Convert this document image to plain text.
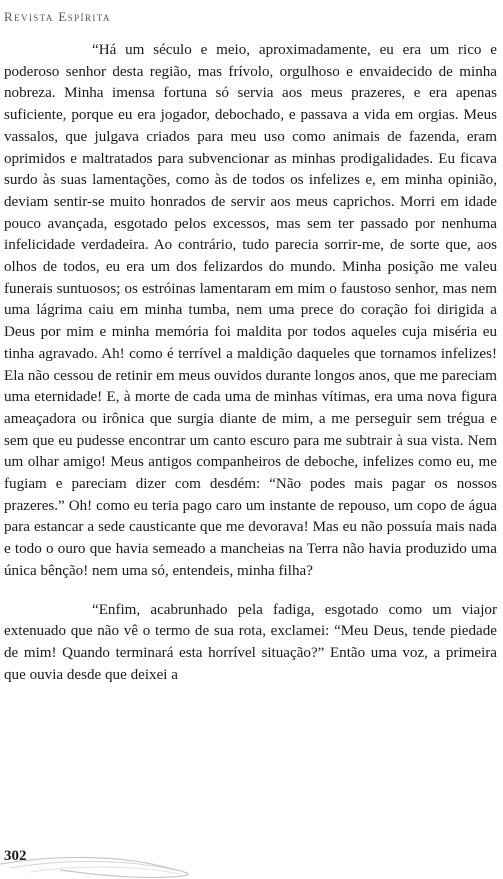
Revista Espírita

“Há um século e meio, aproximadamente, eu era um rico e poderoso senhor desta região, mas frívolo, orgulhoso e envaidecido de minha nobreza. Minha imensa fortuna só servia aos meus prazeres, e era apenas suficiente, porque eu era jogador, debochado, e passava a vida em orgias. Meus vassalos, que julgava criados para meu uso como animais de fazenda, eram oprimidos e maltratados para subvencionar as minhas prodigalidades. Eu ficava surdo às suas lamentações, como às de todos os infelizes e, em minha opinião, deviam sentir-se muito honrados de servir aos meus caprichos. Morri em idade pouco avançada, esgotado pelos excessos, mas sem ter passado por nenhuma infelicidade verdadeira. Ao contrário, tudo parecia sorrir-me, de sorte que, aos olhos de todos, eu era um dos felizardos do mundo. Minha posição me valeu funerais suntuosos; os estróinas lamentaram em mim o faustoso senhor, mas nem uma lágrima caiu em minha tumba, nem uma prece do coração foi dirigida a Deus por mim e minha memória foi maldita por todos aqueles cuja miséria eu tinha agravado. Ah! como é terrível a maldição daqueles que tornamos infelizes! Ela não cessou de retinir em meus ouvidos durante longos anos, que me pareciam uma eternidade! E, à morte de cada uma de minhas vítimas, era uma nova figura ameaçadora ou irônica que surgia diante de mim, a me perseguir sem trégua e sem que eu pudesse encontrar um canto escuro para me subtrair à sua vista. Nem um olhar amigo! Meus antigos companheiros de deboche, infelizes como eu, me fugiam e pareciam dizer com desdém: “Não podes mais pagar os nossos prazeres.” Oh! como eu teria pago caro um instante de repouso, um copo de água para estancar a sede causticante que me devorava! Mas eu não possuía mais nada e todo o ouro que havia semeado a mancheias na Terra não havia produzido uma única bênção! nem uma só, entendeis, minha filha?

“Enfim, acabrunhado pela fadiga, esgotado como um viajor extenuado que não vê o termo de sua rota, exclamei: “Meu Deus, tende piedade de mim! Quando terminará esta horrível situação?” Então uma voz, a primeira que ouvia desde que deixei a

302
